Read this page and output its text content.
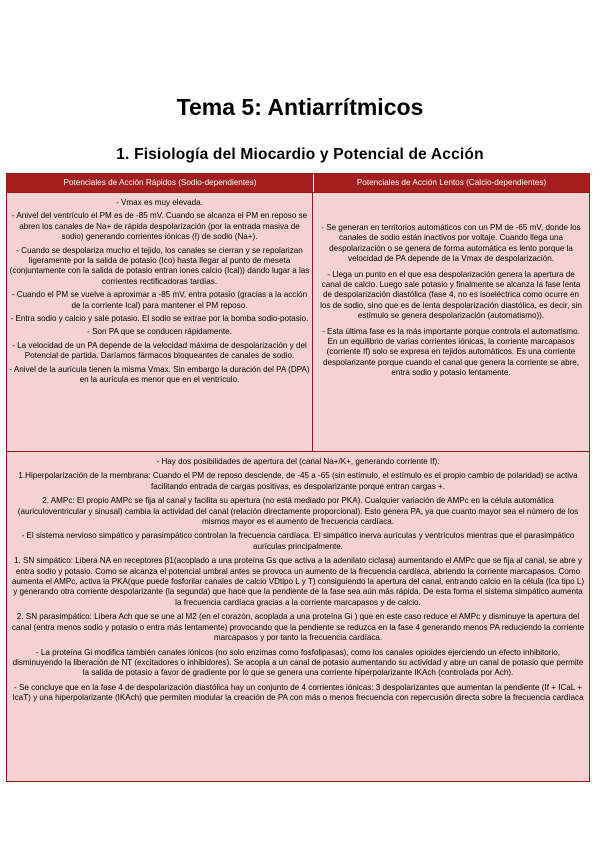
Tema 5: Antiarrítmicos
1. Fisiología del Miocardio y Potencial de Acción
Potenciales de Acción Rápidos (Sodio-dependientes)	Potenciales de Acción Lentos (Calcio-dependientes)

- Vmax es muy elevada.

- Anivel del ventrículo el PM es de -85 mV. Cuando se alcanza el PM en reposo se abren los canales de Na+ de rápida despolarización (por la entrada masiva de sodio) generando corrientes iónicas (I) de sodio (Na+).

- Cuando se despolariza mucho el tejido, los canales se cierran y se repolarizan ligeramente por la salida de potasio (Ico) hasta llegar al punto de meseta (conjuntamente con la salida de potasio entran iones calcio (Ical)) dando lugar a las corrientes rectificadoras tardías.

- Cuando el PM se vuelve a aproximar a -85 mV, entra potasio (gracias a la acción de la corriente Ical) para mantener el PM reposo.

- Entra sodio y calcio y sale potasio. El sodio se extrae por la bomba sodio-potasio.

- Son PA que se conducen rápidamente.

- La velocidad de un PA depende de la velocidad máxima de despolarización y del Potencial de partida. Daríamos fármacos bloqueantes de canales de sodio.

- Anivel de la aurícula tienen la misma Vmax. Sin embargo la duración del PA (DPA) en la aurícula es menor que en el ventrículo.

- Se generan en territorios automáticos con un PM de -65 mV, donde los canales de sodio están inactivos por voltaje. Cuando llega una despolarización o se genera de forma automática es lento porque la velocidad de PA depende de la Vmax de despolarización.

- Llega un punto en el que esa despolarización genera la apertura de canal de calcio. Luego sale potasio y finalmente se alcanza la fase lenta de despolarización diastólica (fase 4, no es isoeléctrica como ocurre en los de sodio, sino que es de lenta despolarización diastólica, es decir, sin estímulo se genera despolarización (automatismo)).

- Esta última fase es la más importante porque controla el automatismo. En un equilibrio de varias corrientes iónicas, la corriente marcapasos (corriente If) solo se expresa en tejidos automáticos. Es una corriente despolarizante porque cuando el canal que genera la corriente se abre, entra sodio y potasio lentamente.

- Hay dos posibilidades de apertura del (canal Na+/K+, generando corriente If):

1.Hiperpolarización de la membrana: Cuando el PM de reposo desciende, de -45 a -65 (sin estímulo, el estímulo es el propio cambio de polaridad) se activa facilitando entrada de cargas positivas, es despolarizante porque entran cargas +.

2. AMPc: El propio AMPc se fija al canal y facilita su apertura (no está mediado por PKA). Cualquier variación de AMPc en la célula automática (auriculoventricular y sinusal) cambia la actividad del canal (relación directamente proporcional). Esto genera PA, ya que cuanto mayor sea el número de los mismos mayor es el aumento de frecuencia cardíaca.

- El sistema nervioso simpático y parasimpático controlan la frecuencia cardíaca. El simpático inerva aurículas y ventrículos mientras que el parasimpático aurículas principalmente.

1. SN simpático: Libera NA en receptores β1(acoplado a una proteína Gs que activa a la adenilato ciclasa) aumentando el AMPc que se fija al canal, se abre y entra sodio y potasio. Como se alcanza el potencial umbral antes se provoca un aumento de la frecuencia cardíaca, abriendo la corriente marcapasos. Como aumenta el AMPc, activa la PKA(que puede fosforilar canales de calcio VDtipo L y T) consiguiendo la apertura del canal, entrando calcio en la célula (Ica tipo L) y generando otra corriente despolarizante (la segunda) que hace que la pendiente de la fase sea aún más rápida. De esta forma el sistema simpático aumenta la frecuencia cardíaca gracias a la corriente marcapasos y de calcio.

2. SN parasimpático: Libera Ach que se une al M2 (en el corazón, acoplada a una proteína Gi ) que en este caso reduce el AMPc y disminuye la apertura del canal (entra menos sodio y potasio o entra más lentamente) provocando que la pendiente se reduzca en la fase 4 generando menos PA reduciendo la corriente marcapasos y por tanto la frecuencia cardíaca.

- La proteína Gi modifica también canales iónicos (no solo enzimas como fosfolipasas), como los canales opioides ejerciendo un efecto inhibitorio, disminuyendo la liberación de NT (excitadores o inhibidores). Se acopla a un canal de potasio aumentando su actividad y abre un canal de potasio que permite la salida de potasio a favor de gradiente por lo que se genera una corriente hiperpolarizante IKAch (controlada por Ach).

- Se concluye que en la fase 4 de despolarización diastólica hay un conjunto de 4 corrientes iónicas: 3 despolarizantes que aumentan la pendiente (If + ICaL + IcaT) y una hiperpolarizante (IKAch) que permiten modular la creación de PA con más o menos frecuencia con repercusión directa sobre la frecuencia cardíaca
